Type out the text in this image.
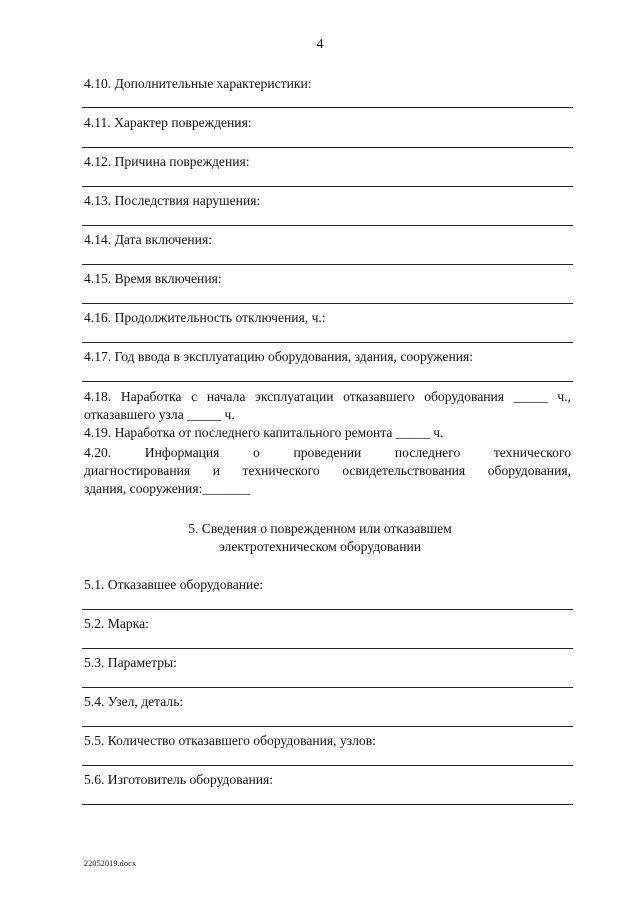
4
4.10. Дополнительные характеристики:
4.11. Характер повреждения:
4.12. Причина повреждения:
4.13. Последствия нарушения:
4.14. Дата включения:
4.15. Время включения:
4.16. Продолжительность отключения, ч.:
4.17. Год ввода в эксплуатацию оборудования, здания, сооружения:
4.18. Наработка с начала эксплуатации отказавшего оборудования _____ ч.,
отказавшего узла _____ ч.
4.19. Наработка от последнего капитального ремонта _____ ч.
4.20. Информация о проведении последнего технического
диагностирования и технического освидетельствования оборудования,
здания, сооружения:_______
5. Сведения о поврежденном или отказавшем
электротехническом оборудовании
5.1. Отказавшее оборудование:
5.2. Марка:
5.3. Параметры:
5.4. Узел, деталь:
5.5. Количество отказавшего оборудования, узлов:
5.6. Изготовитель оборудования:
22052019.docx
